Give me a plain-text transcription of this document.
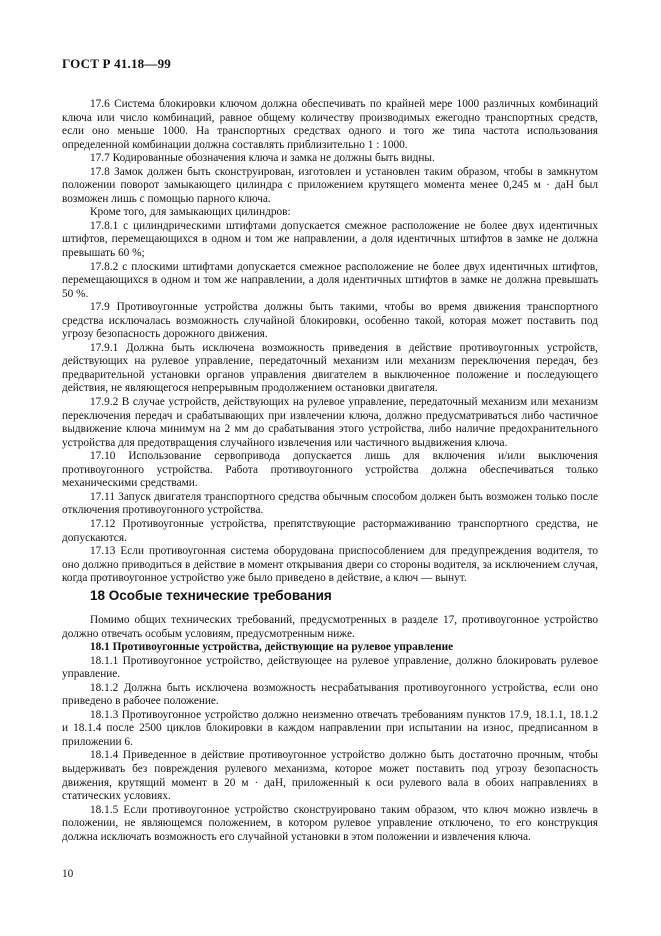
ГОСТ Р 41.18—99

17.6 Система блокировки ключом должна обеспечивать по крайней мере 1000 различных комбинаций ключа или число комбинаций, равное общему количеству производимых ежегодно транспортных средств, если оно меньше 1000. На транспортных средствах одного и того же типа частота использования определенной комбинации должна составлять приблизительно 1 : 1000.

17.7 Кодированные обозначения ключа и замка не должны быть видны.

17.8 Замок должен быть сконструирован, изготовлен и установлен таким образом, чтобы в замкнутом положении поворот замыкающего цилиндра с приложением крутящего момента менее 0,245 м · даН был возможен лишь с помощью парного ключа.

Кроме того, для замыкающих цилиндров:

17.8.1 с цилиндрическими штифтами допускается смежное расположение не более двух идентичных штифтов, перемещающихся в одном и том же направлении, а доля идентичных штифтов в замке не должна превышать 60 %;

17.8.2 с плоскими штифтами допускается смежное расположение не более двух идентичных штифтов, перемещающихся в одном и том же направлении, а доля идентичных штифтов в замке не должна превышать 50 %.

17.9 Противоугонные устройства должны быть такими, чтобы во время движения транспортного средства исключалась возможность случайной блокировки, особенно такой, которая может поставить под угрозу безопасность дорожного движения.

17.9.1 Должна быть исключена возможность приведения в действие противоугонных устройств, действующих на рулевое управление, передаточный механизм или механизм переключения передач, без предварительной установки органов управления двигателем в выключенное положение и последующего действия, не являющегося непрерывным продолжением остановки двигателя.

17.9.2 В случае устройств, действующих на рулевое управление, передаточный механизм или механизм переключения передач и срабатывающих при извлечении ключа, должно предусматриваться либо частичное выдвижение ключа минимум на 2 мм до срабатывания этого устройства, либо наличие предохранительного устройства для предотвращения случайного извлечения или частичного выдвижения ключа.

17.10 Использование сервопривода допускается лишь для включения и/или выключения противоугонного устройства. Работа противоугонного устройства должна обеспечиваться только механическими средствами.

17.11 Запуск двигателя транспортного средства обычным способом должен быть возможен только после отключения противоугонного устройства.

17.12 Противоугонные устройства, препятствующие растормаживанию транспортного средства, не допускаются.

17.13 Если противоугонная система оборудована приспособлением для предупреждения водителя, то оно должно приводиться в действие в момент открывания двери со стороны водителя, за исключением случая, когда противоугонное устройство уже было приведено в действие, а ключ — вынут.

18 Особые технические требования

Помимо общих технических требований, предусмотренных в разделе 17, противоугонное устройство должно отвечать особым условиям, предусмотренным ниже.

18.1 Противоугонные устройства, действующие на рулевое управление

18.1.1 Противоугонное устройство, действующее на рулевое управление, должно блокировать рулевое управление.

18.1.2 Должна быть исключена возможность несрабатывания противоугонного устройства, если оно приведено в рабочее положение.

18.1.3 Противоугонное устройство должно неизменно отвечать требованиям пунктов 17.9, 18.1.1, 18.1.2 и 18.1.4 после 2500 циклов блокировки в каждом направлении при испытании на износ, предписанном в приложении 6.

18.1.4 Приведенное в действие противоугонное устройство должно быть достаточно прочным, чтобы выдерживать без повреждения рулевого механизма, которое может поставить под угрозу безопасность движения, крутящий момент в 20 м · даН, приложенный к оси рулевого вала в обоих направлениях в статических условиях.

18.1.5 Если противоугонное устройство сконструировано таким образом, что ключ можно извлечь в положении, не являющемся положением, в котором рулевое управление отключено, то его конструкция должна исключать возможность его случайной установки в этом положении и извлечения ключа.

10
